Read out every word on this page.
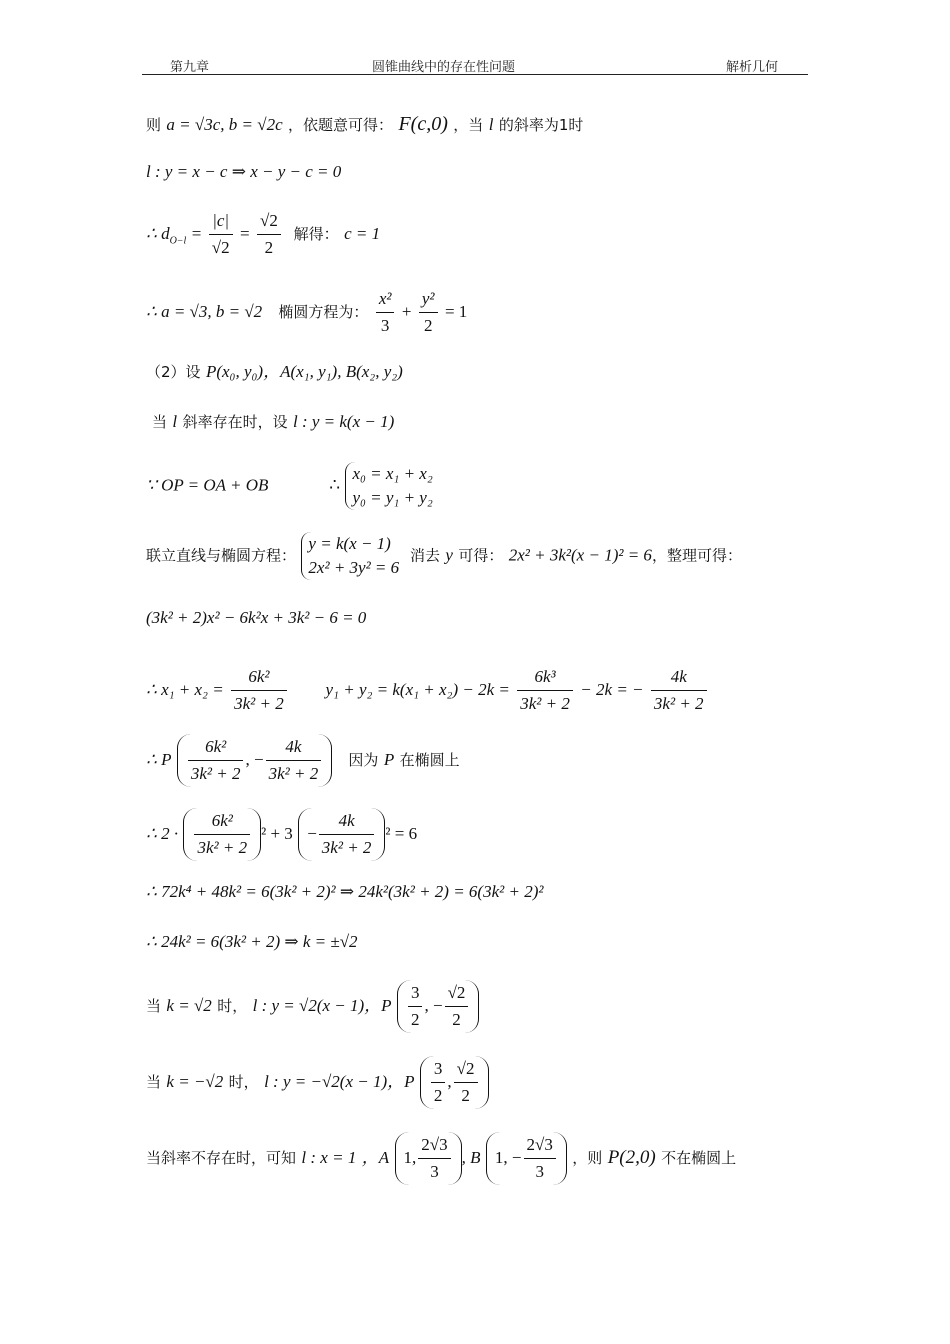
第九章	圆锥曲线中的存在性问题	解析几何
则 a = √3c, b = √2c ，依题意可得： F(c,0) ，当 l 的斜率为1时
l : y = x − c ⇒ x − y − c = 0
∴ $d_{O-l} = \frac{|c|}{√2} = \frac{√2}{2}$ 解得： c = 1
∴ a = √3, b = √2 椭圆方程为： $\frac{\text{x²}}{3} + \frac{\text{y²}}{2} = 1$
（2）设 P(x₀, y₀)，A(x₁, y₁), B(x₂, y₂)
当 l 斜率存在时，设 l : y = k(x − 1)
∵ OP = OA + OB	∴
x₀ = x₁ + x₂
y₀ = y₁ + y₂
联立直线与椭圆方程：
y = k(x − 1)
2x² + 3y² = 6
消去 y 可得： 2x² + 3k²(x − 1)² = 6，整理可得：
(3k² + 2)x² − 6k²x + 3k² − 6 = 0
∴ $x_1 + x_2 = \frac{\text{6k²}}{\text{3k² + 2}} y_1 + y_2 = k(x_1 + x_2) - 2k = \frac{\text{6k³}}{\text{3k² + 2}} - 2k$ = − $\frac{4k}{\text{3k² + 2}}$
∴ P $\frac{\text{6k²}}{\text{3k² + 2}}$ , − $\frac{4k}{\text{3k² + 2}}$ 因为 P 在椭圆上
∴ $2 \cdot \frac{\text{6k²}}{\text{3k² + 2}} ^2 + 3 - \frac{4k}{\text{3k² + 2}} ^2 = 6$
∴ 72k⁴ + 48k² = 6(3k² + 2)² ⇒ 24k²(3k² + 2) = 6(3k² + 2)²
∴ 24k² = 6(3k² + 2) ⇒ k = ±√2
当 k = √2 时， l : y = √2(x − 1)，P $\frac{3}{2}$ , − $\frac{√2}{2}$
当 k = −√2 时， l : y = −√2(x − 1)，P $\frac{3}{2}$ , $\frac{√2}{2}$
当斜率不存在时，可知 l : x = 1 ，A 1, $\frac{2√3}{3}$ , B 1, − $\frac{2√3}{3}$ ，则 P(2,0) 不在椭圆上
